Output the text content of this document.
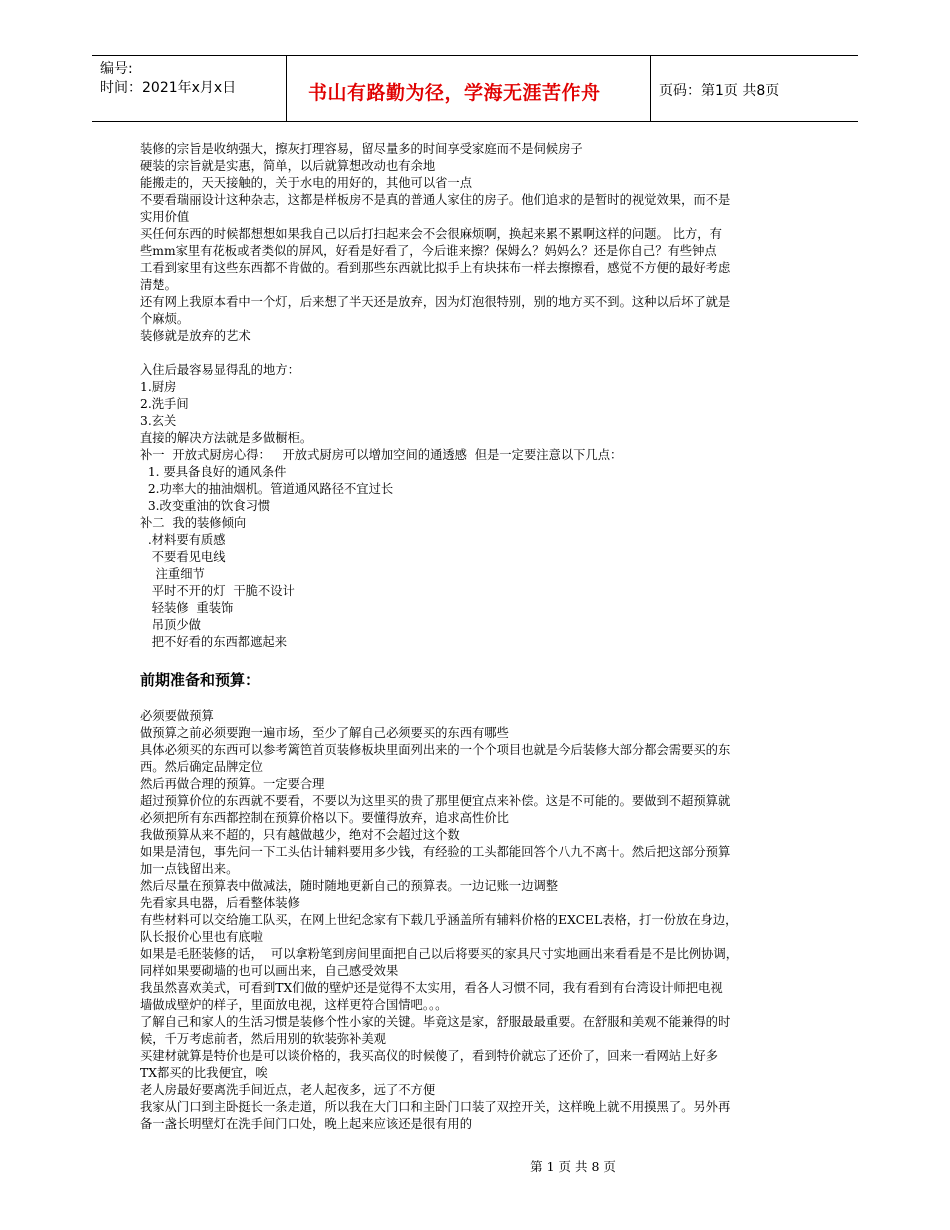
编号:
时间：2021年x月x日	书山有路勤为径，学海无涯苦作舟	页码：第1页 共8页

装修的宗旨是收纳强大，擦灰打理容易，留尽量多的时间享受家庭而不是伺候房子

硬装的宗旨就是实惠，简单，以后就算想改动也有余地

能搬走的，天天接触的，关于水电的用好的，其他可以省一点

不要看瑞丽设计这种杂志，这都是样板房不是真的普通人家住的房子。他们追求的是暂时的视觉效果，而不是

实用价值

买任何东西的时候都想想如果我自己以后打扫起来会不会很麻烦啊，换起来累不累啊这样的问题。 比方，有

些mm家里有花板或者类似的屏风，好看是好看了，今后谁来擦？保姆么？妈妈么？还是你自己？有些钟点

工看到家里有这些东西都不肯做的。看到那些东西就比拟手上有块抹布一样去擦擦看，感觉不方便的最好考虑

清楚。

还有网上我原本看中一个灯，后来想了半天还是放弃，因为灯泡很特别，别的地方买不到。这种以后坏了就是

个麻烦。

装修就是放弃的艺术

入住后最容易显得乱的地方：

1.厨房

2.洗手间

3.玄关

直接的解决方法就是多做橱柜。

补一  开放式厨房心得：   开放式厨房可以增加空间的通透感  但是一定要注意以下几点：

1. 要具备良好的通风条件

2.功率大的抽油烟机。管道通风路径不宜过长

3.改变重油的饮食习惯

补二  我的装修倾向

.材料要有质感

不要看见电线

注重细节

平时不开的灯  干脆不设计

轻装修  重装饰

吊顶少做

把不好看的东西都遮起来

前期准备和预算：

必须要做预算

做预算之前必须要跑一遍市场，至少了解自己必须要买的东西有哪些

具体必须买的东西可以参考篱笆首页装修板块里面列出来的一个个项目也就是今后装修大部分都会需要买的东

西。然后确定品牌定位

然后再做合理的预算。一定要合理

超过预算价位的东西就不要看，不要以为这里买的贵了那里便宜点来补偿。这是不可能的。要做到不超预算就

必须把所有东西都控制在预算价格以下。要懂得放弃，追求高性价比

我做预算从来不超的，只有越做越少，绝对不会超过这个数

如果是清包，事先问一下工头估计辅料要用多少钱，有经验的工头都能回答个八九不离十。然后把这部分预算

加一点钱留出来。

然后尽量在预算表中做减法，随时随地更新自己的预算表。一边记账一边调整

先看家具电器，后看整体装修

有些材料可以交给施工队买，在网上世纪念家有下载几乎涵盖所有辅料价格的EXCEL表格，打一份放在身边，

队长报价心里也有底啦

如果是毛胚装修的话，  可以拿粉笔到房间里面把自己以后将要买的家具尺寸实地画出来看看是不是比例协调，

同样如果要砌墙的也可以画出来，自己感受效果

我虽然喜欢美式，可看到TX们做的壁炉还是觉得不太实用，看各人习惯不同，我有看到有台湾设计师把电视

墙做成壁炉的样子，里面放电视，这样更符合国情吧。。。

了解自己和家人的生活习惯是装修个性小家的关键。毕竟这是家，舒服最最重要。在舒服和美观不能兼得的时

候，千万考虑前者，然后用别的软装弥补美观

买建材就算是特价也是可以谈价格的，我买高仪的时候傻了，看到特价就忘了还价了，回来一看网站上好多

TX都买的比我便宜，唉

老人房最好要离洗手间近点，老人起夜多，远了不方便

我家从门口到主卧挺长一条走道，所以我在大门口和主卧门口装了双控开关，这样晚上就不用摸黑了。另外再

备一盏长明壁灯在洗手间门口处，晚上起来应该还是很有用的

第 1 页 共 8 页
